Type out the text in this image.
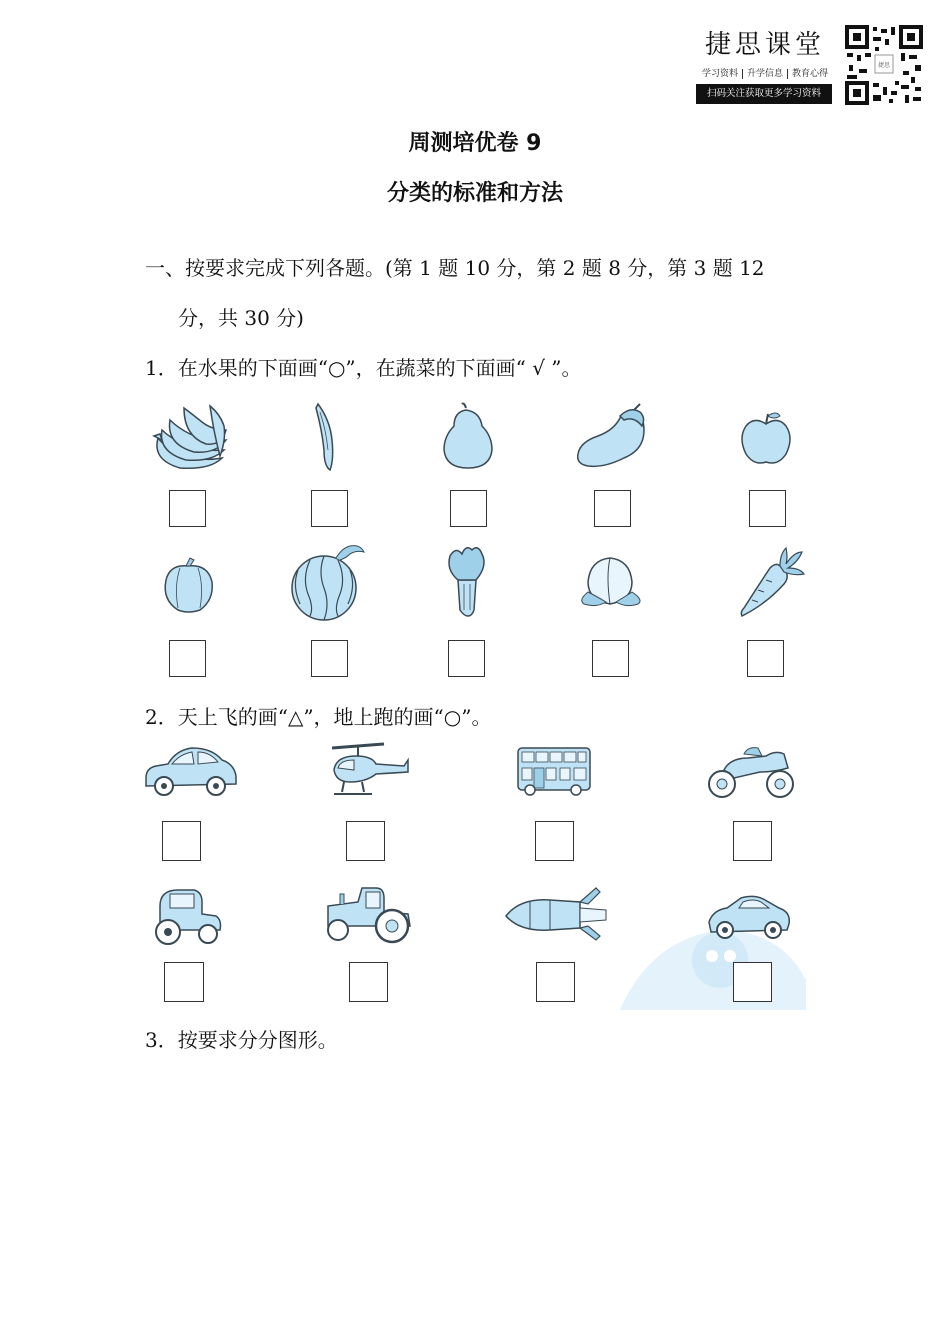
捷思课堂
学习资料 升学信息 教育心得
扫码关注获取更多学习资料
捷思
周测培优卷 9
分类的标准和方法
一、按要求完成下列各题。(第 1 题 10 分，第 2 题 8 分，第 3 题 12
分，共 30 分)
1．在水果的下面画“○”，在蔬菜的下面画“ √ ”。
2．天上飞的画“△”，地上跑的画“○”。
3．按要求分分图形。
